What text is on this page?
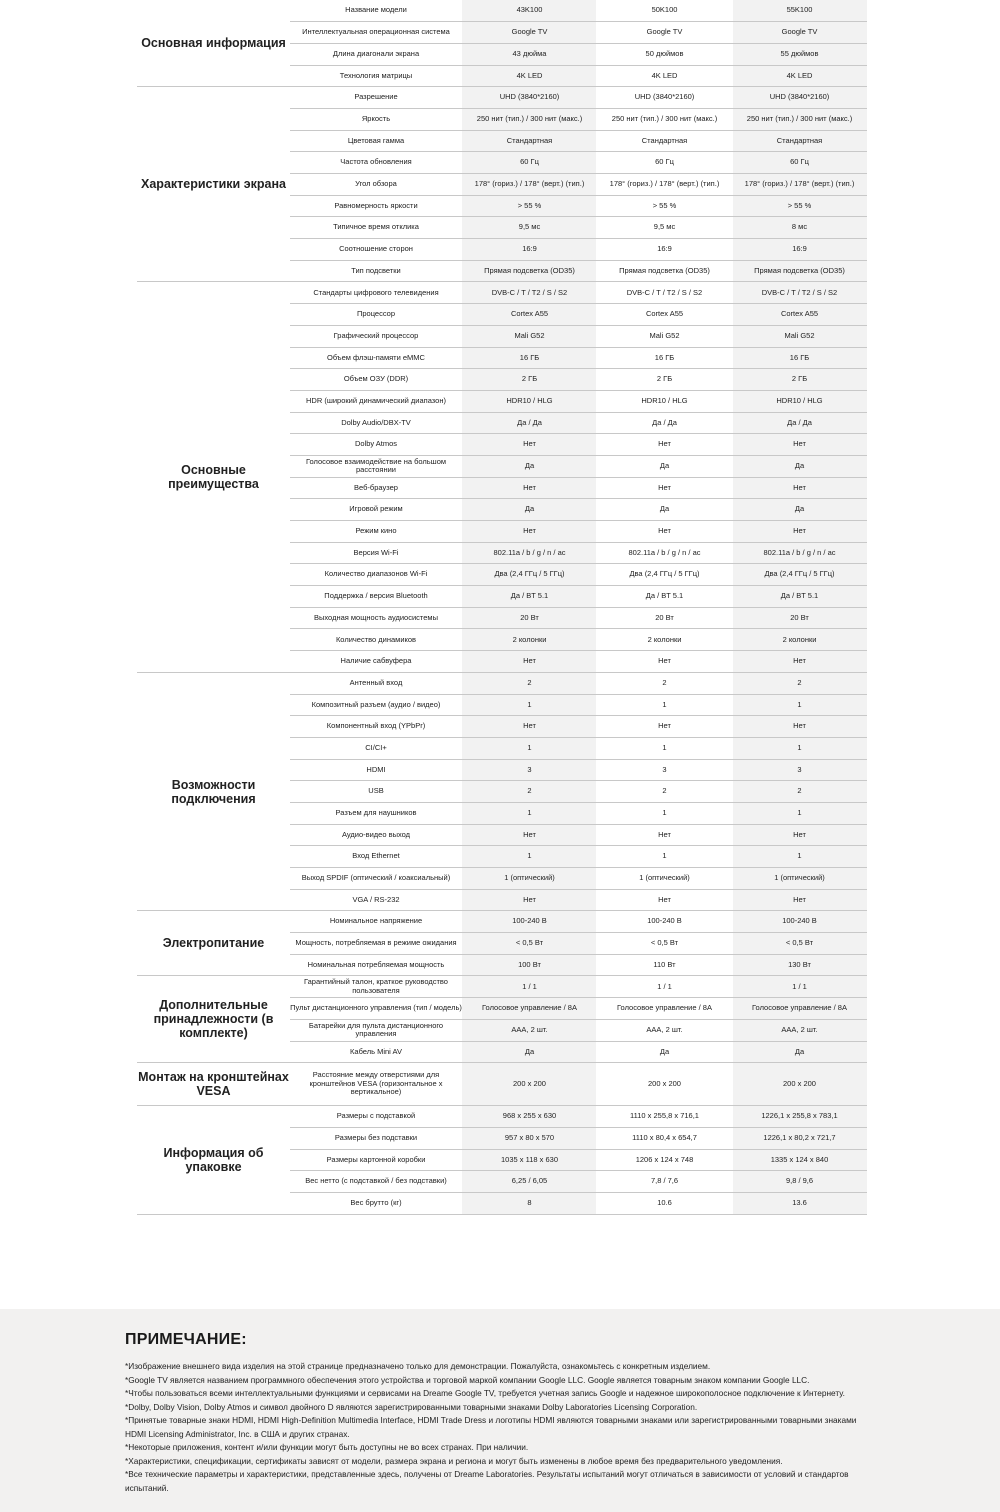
Основная информация	Название модели	43K100	50K100	55K100
	Интеллектуальная операционная система	Google TV	Google TV	Google TV
	Длина диагонали экрана	43 дюйма	50 дюймов	55 дюймов
	Технология матрицы	4K LED	4K LED	4K LED
Характеристики экрана	Разрешение	UHD (3840*2160)	UHD (3840*2160)	UHD (3840*2160)
	Яркость	250 нит (тип.) / 300 нит (макс.)	250 нит (тип.) / 300 нит (макс.)	250 нит (тип.) / 300 нит (макс.)
	Цветовая гамма	Стандартная	Стандартная	Стандартная
	Частота обновления	60 Гц	60 Гц	60 Гц
	Угол обзора	178° (гориз.) / 178° (верт.) (тип.)	178° (гориз.) / 178° (верт.) (тип.)	178° (гориз.) / 178° (верт.) (тип.)
	Равномерность яркости	> 55 %	> 55 %	> 55 %
	Типичное время отклика	9,5 мс	9,5 мс	8 мс
	Соотношение сторон	16:9	16:9	16:9
	Тип подсветки	Прямая подсветка (OD35)	Прямая подсветка (OD35)	Прямая подсветка (OD35)
Основные преимущества	Стандарты цифрового телевидения	DVB-C / T / T2 / S / S2	DVB-C / T / T2 / S / S2	DVB-C / T / T2 / S / S2
	Процессор	Cortex A55	Cortex A55	Cortex A55
	Графический процессор	Mali G52	Mali G52	Mali G52
	Объем флэш-памяти eMMC	16 ГБ	16 ГБ	16 ГБ
	Объем ОЗУ (DDR)	2 ГБ	2 ГБ	2 ГБ
	HDR (широкий динамический диапазон)	HDR10 / HLG	HDR10 / HLG	HDR10 / HLG
	Dolby Audio/DBX-TV	Да / Да	Да / Да	Да / Да
	Dolby Atmos	Нет	Нет	Нет
	Голосовое взаимодействие на большом расстоянии	Да	Да	Да
	Веб-браузер	Нет	Нет	Нет
	Игровой режим	Да	Да	Да
	Режим кино	Нет	Нет	Нет
	Версия Wi-Fi	802.11a / b / g / n / ac	802.11a / b / g / n / ac	802.11a / b / g / n / ac
	Количество диапазонов Wi-Fi	Два (2,4 ГГц / 5 ГГц)	Два (2,4 ГГц / 5 ГГц)	Два (2,4 ГГц / 5 ГГц)
	Поддержка / версия Bluetooth	Да / BT 5.1	Да / BT 5.1	Да / BT 5.1
	Выходная мощность аудиосистемы	20 Вт	20 Вт	20 Вт
	Количество динамиков	2 колонки	2 колонки	2 колонки
	Наличие сабвуфера	Нет	Нет	Нет
Возможности подключения	Антенный вход	2	2	2
	Композитный разъем (аудио / видео)	1	1	1
	Компонентный вход (YPbPr)	Нет	Нет	Нет
	CI/CI+	1	1	1
	HDMI	3	3	3
	USB	2	2	2
	Разъем для наушников	1	1	1
	Аудио-видео выход	Нет	Нет	Нет
	Вход Ethernet	1	1	1
	Выход SPDIF (оптический / коаксиальный)	1 (оптический)	1 (оптический)	1 (оптический)
	VGA / RS-232	Нет	Нет	Нет
Электропитание	Номинальное напряжение	100-240 В	100-240 В	100-240 В
	Мощность, потребляемая в режиме ожидания	< 0,5 Вт	< 0,5 Вт	< 0,5 Вт
	Номинальная потребляемая мощность	100 Вт	110 Вт	130 Вт
Дополнительные принадлежности (в комплекте)	Гарантийный талон, краткое руководство пользователя	1 / 1	1 / 1	1 / 1
	Пульт дистанционного управления (тип / модель)	Голосовое управление / 8A	Голосовое управление / 8A	Голосовое управление / 8A
	Батарейки для пульта дистанционного управления	AAA, 2 шт.	AAA, 2 шт.	AAA, 2 шт.
	Кабель Mini AV	Да	Да	Да
Монтаж на кронштейнах VESA	Расстояние между отверстиями для кронштейнов VESA (горизонтальное x вертикальное)	200 x 200	200 x 200	200 x 200
Информация об упаковке	Размеры с подставкой	968 x 255 x 630	1110 x 255,8 x 716,1	1226,1 x 255,8 x 783,1
	Размеры без подставки	957 x 80 x 570	1110 x 80,4 x 654,7	1226,1 x 80,2 x 721,7
	Размеры картонной коробки	1035 x 118 x 630	1206 x 124 x 748	1335 x 124 x 840
	Вес нетто (с подставкой / без подставки)	6,25 / 6,05	7,8 / 7,6	9,8 / 9,6
	Вес брутто (кг)	8	10.6	13.6
ПРИМЕЧАНИЕ:
*Изображение внешнего вида изделия на этой странице предназначено только для демонстрации. Пожалуйста, ознакомьтесь с конкретным изделием.
*Google TV является названием программного обеспечения этого устройства и торговой маркой компании Google LLC. Google является товарным знаком компании Google LLC.
*Чтобы пользоваться всеми интеллектуальными функциями и сервисами на Dreame Google TV, требуется учетная запись Google и надежное широкополосное подключение к Интернету.
*Dolby, Dolby Vision, Dolby Atmos и символ двойного D являются зарегистрированными товарными знаками Dolby Laboratories Licensing Corporation.
*Принятые товарные знаки HDMI, HDMI High-Definition Multimedia Interface, HDMI Trade Dress и логотипы HDMI являются товарными знаками или зарегистрированными товарными знаками HDMI Licensing Administrator, Inc. в США и других странах.
*Некоторые приложения, контент и/или функции могут быть доступны не во всех странах. При наличии.
*Характеристики, спецификации, сертификаты зависят от модели, размера экрана и региона и могут быть изменены в любое время без предварительного уведомления.
*Все технические параметры и характеристики, представленные здесь, получены от Dreame Laboratories. Результаты испытаний могут отличаться в зависимости от условий и стандартов испытаний.
